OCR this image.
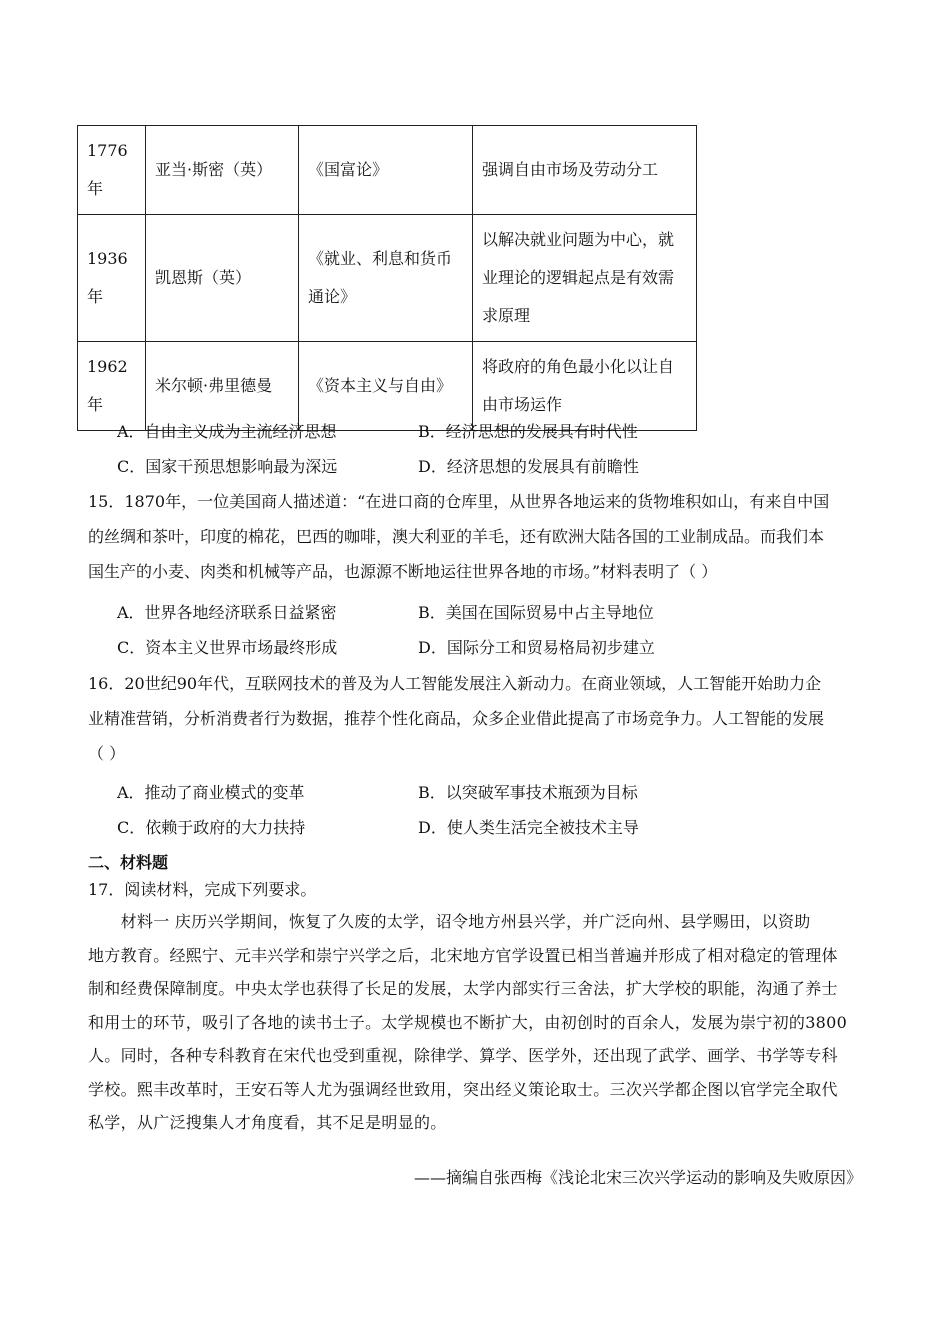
1776年	亚当·斯密（英）	《国富论》	强调自由市场及劳动分工
1936年	凯恩斯（英）	《就业、利息和货币通论》	以解决就业问题为中心，就业理论的逻辑起点是有效需求原理
1962年	米尔顿·弗里德曼	《资本主义与自由》	将政府的角色最小化以让自由市场运作
A．自由主义成为主流经济思想	B．经济思想的发展具有时代性
C．国家干预思想影响最为深远	D．经济思想的发展具有前瞻性
15．1870年，一位美国商人描述道：“在进口商的仓库里，从世界各地运来的货物堆积如山，有来自中国
的丝绸和茶叶，印度的棉花，巴西的咖啡，澳大利亚的羊毛，还有欧洲大陆各国的工业制成品。而我们本
国生产的小麦、肉类和机械等产品，也源源不断地运往世界各地的市场。”材料表明了（ ）
A．世界各地经济联系日益紧密	B．美国在国际贸易中占主导地位
C．资本主义世界市场最终形成	D．国际分工和贸易格局初步建立
16．20世纪90年代，互联网技术的普及为人工智能发展注入新动力。在商业领域，人工智能开始助力企
业精准营销，分析消费者行为数据，推荐个性化商品，众多企业借此提高了市场竞争力。人工智能的发展
（ ）
A．推动了商业模式的变革	B．以突破军事技术瓶颈为目标
C．依赖于政府的大力扶持	D．使人类生活完全被技术主导
二、材料题
17．阅读材料，完成下列要求。
　　材料一 庆历兴学期间，恢复了久废的太学，诏令地方州县兴学，并广泛向州、县学赐田，以资助
地方教育。经熙宁、元丰兴学和崇宁兴学之后，北宋地方官学设置已相当普遍并形成了相对稳定的管理体
制和经费保障制度。中央太学也获得了长足的发展，太学内部实行三舍法，扩大学校的职能，沟通了养士
和用士的环节，吸引了各地的读书士子。太学规模也不断扩大，由初创时的百余人，发展为崇宁初的3800
人。同时，各种专科教育在宋代也受到重视，除律学、算学、医学外，还出现了武学、画学、书学等专科
学校。熙丰改革时，王安石等人尤为强调经世致用，突出经义策论取士。三次兴学都企图以官学完全取代
私学，从广泛搜集人才角度看，其不足是明显的。
——摘编自张西梅《浅论北宋三次兴学运动的影响及失败原因》
